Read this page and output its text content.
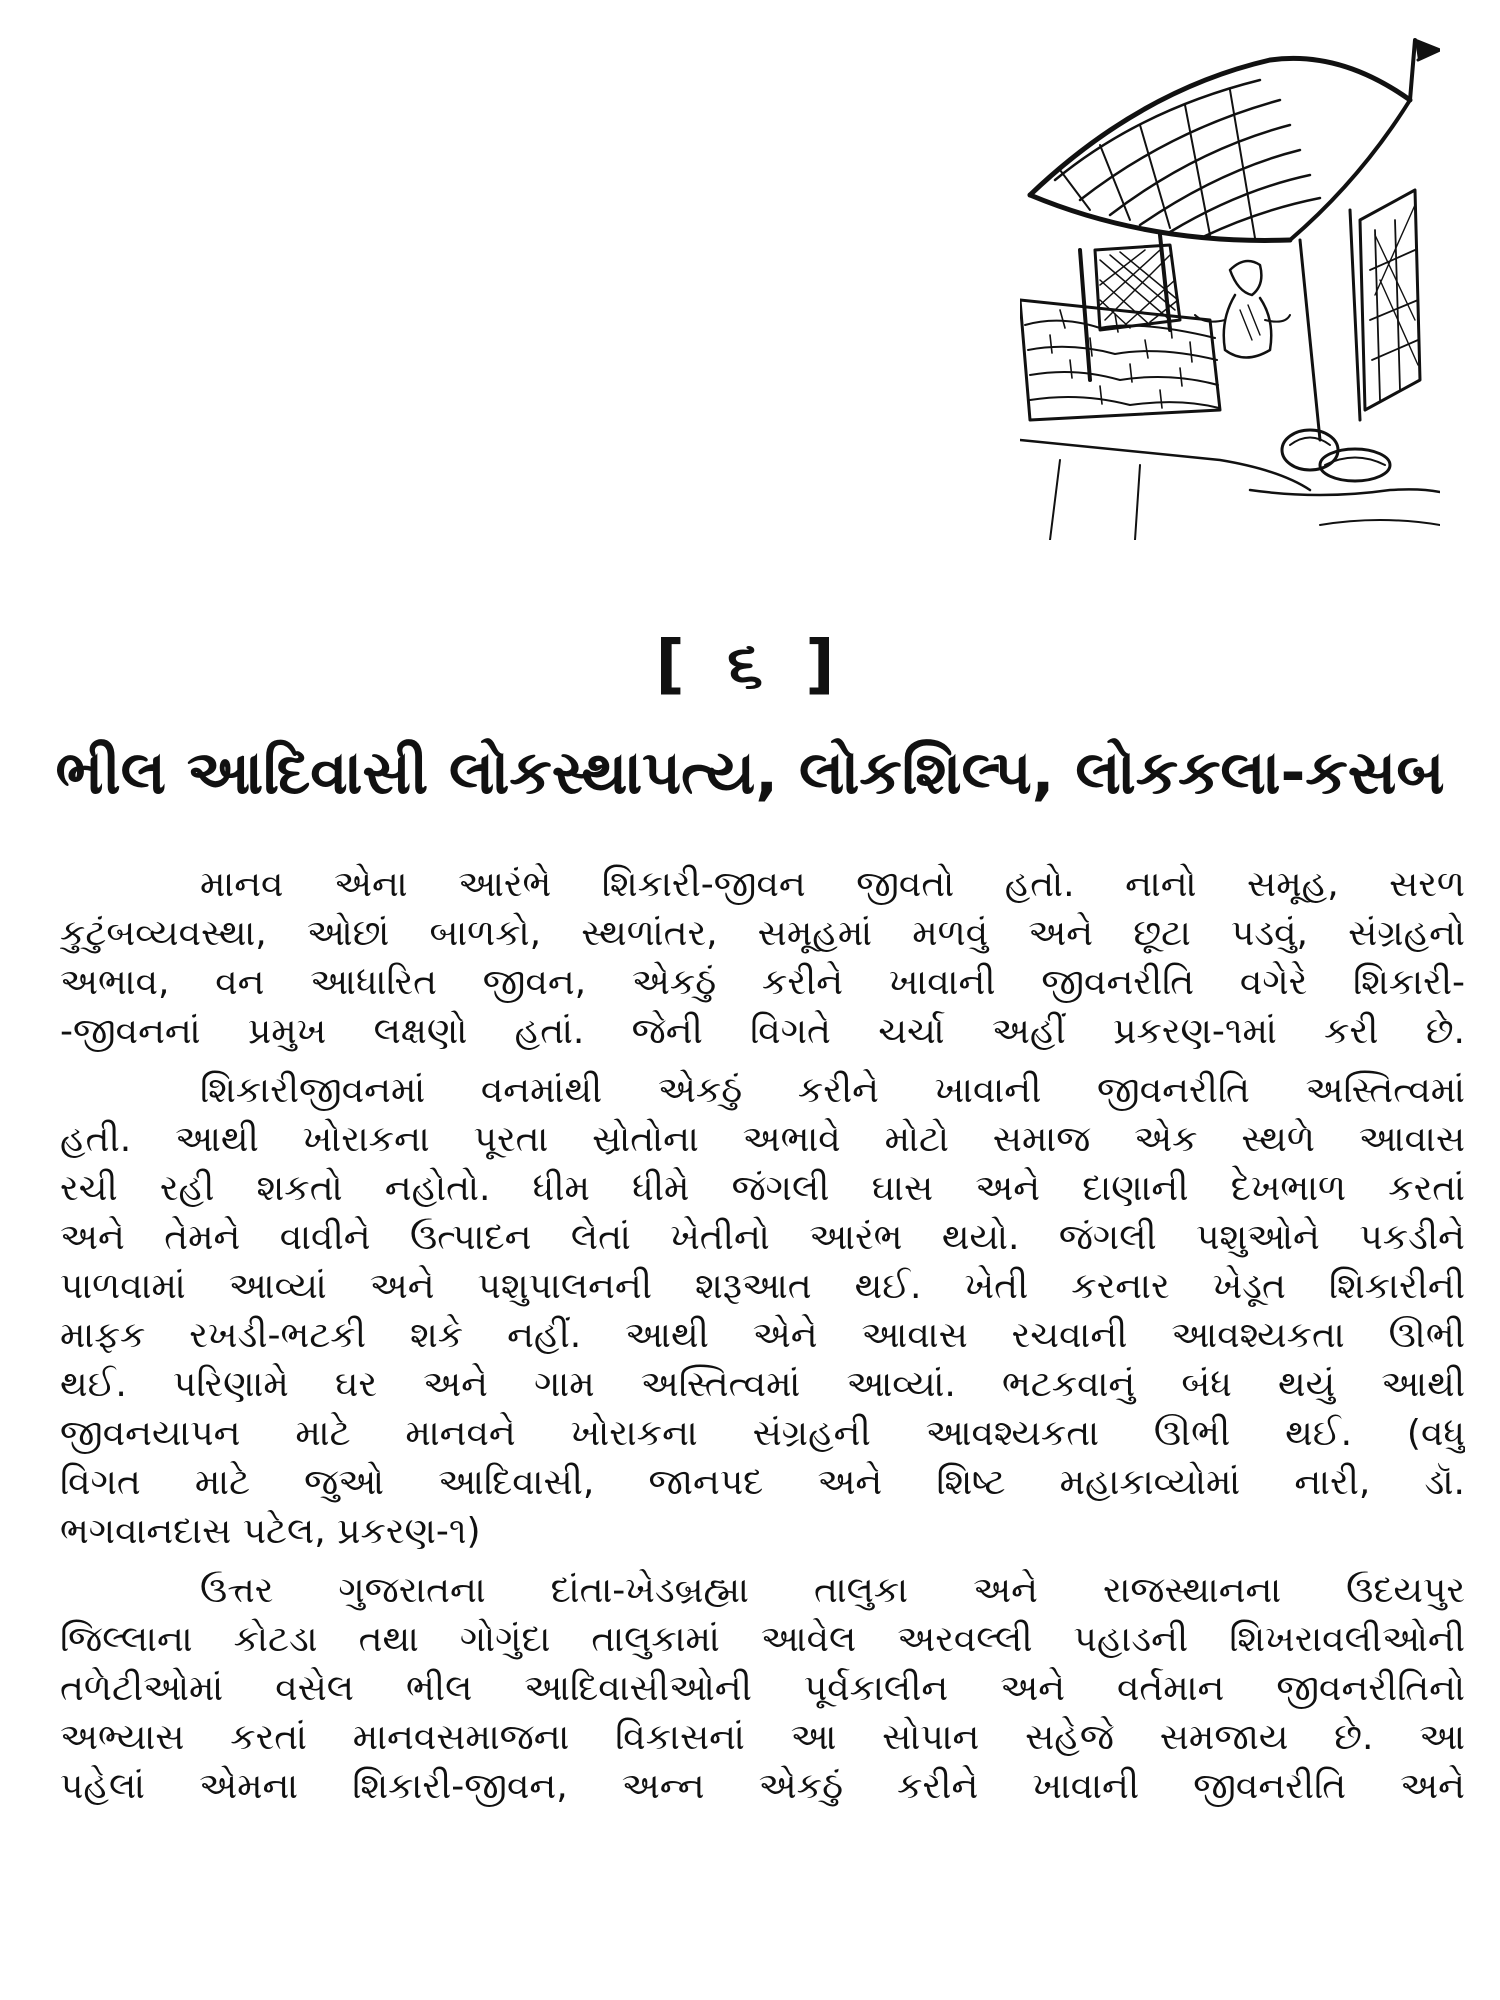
[ ૬ ]
ભીલ આદિવાસી લોકસ્થાપત્ય, લોકશિલ્પ, લોકકલા-કસબ
માનવ એના આરંભે શિકારી-જીવન જીવતો હતો. નાનો સમૂહ, સરળ
કુટુંબવ્યવસ્થા, ઓછાં બાળકો, સ્થળાંતર, સમૂહમાં મળવું અને છૂટા પડવું, સંગ્રહનો
અભાવ, વન આધારિત જીવન, એકઠું કરીને ખાવાની જીવનરીતિ વગેરે શિકારી-
-જીવનનાં પ્રમુખ લક્ષણો હતાં. જેની વિગતે ચર્ચા અહીં પ્રકરણ-૧માં કરી છે.
શિકારીજીવનમાં વનમાંથી એકઠું કરીને ખાવાની જીવનરીતિ અસ્તિત્વમાં
હતી. આથી ખોરાકના પૂરતા સ્રોતોના અભાવે મોટો સમાજ એક સ્થળે આવાસ
રચી રહી શકતો નહોતો. ધીમ ધીમે જંગલી ઘાસ અને દાણાની દેખભાળ કરતાં
અને તેમને વાવીને ઉત્પાદન લેતાં ખેતીનો આરંભ થયો. જંગલી પશુઓને પકડીને
પાળવામાં આવ્યાં અને પશુપાલનની શરૂઆત થઈ. ખેતી કરનાર ખેડૂત શિકારીની
માફક રખડી-ભટકી શકે નહીં. આથી એને આવાસ રચવાની આવશ્યકતા ઊભી
થઈ. પરિણામે ઘર અને ગામ અસ્તિત્વમાં આવ્યાં. ભટકવાનું બંધ થયું આથી
જીવનયાપન માટે માનવને ખોરાકના સંગ્રહની આવશ્યકતા ઊભી થઈ. (વધુ
વિગત માટે જુઓ આદિવાસી, જાનપદ અને શિષ્ટ મહાકાવ્યોમાં નારી, ડૉ.
ભગવાનદાસ પટેલ, પ્રકરણ-૧)
ઉત્તર ગુજરાતના દાંતા-ખેડબ્રહ્મા તાલુકા અને રાજસ્થાનના ઉદયપુર
જિલ્લાના કોટડા તથા ગોગુંદા તાલુકામાં આવેલ અરવલ્લી પહાડની શિખરાવલીઓની
તળેટીઓમાં વસેલ ભીલ આદિવાસીઓની પૂર્વકાલીન અને વર્તમાન જીવનરીતિનો
અભ્યાસ કરતાં માનવસમાજના વિકાસનાં આ સોપાન સહેજે સમજાય છે. આ
પહેલાં એમના શિકારી-જીવન, અન્ન એકઠું કરીને ખાવાની જીવનરીતિ અને
